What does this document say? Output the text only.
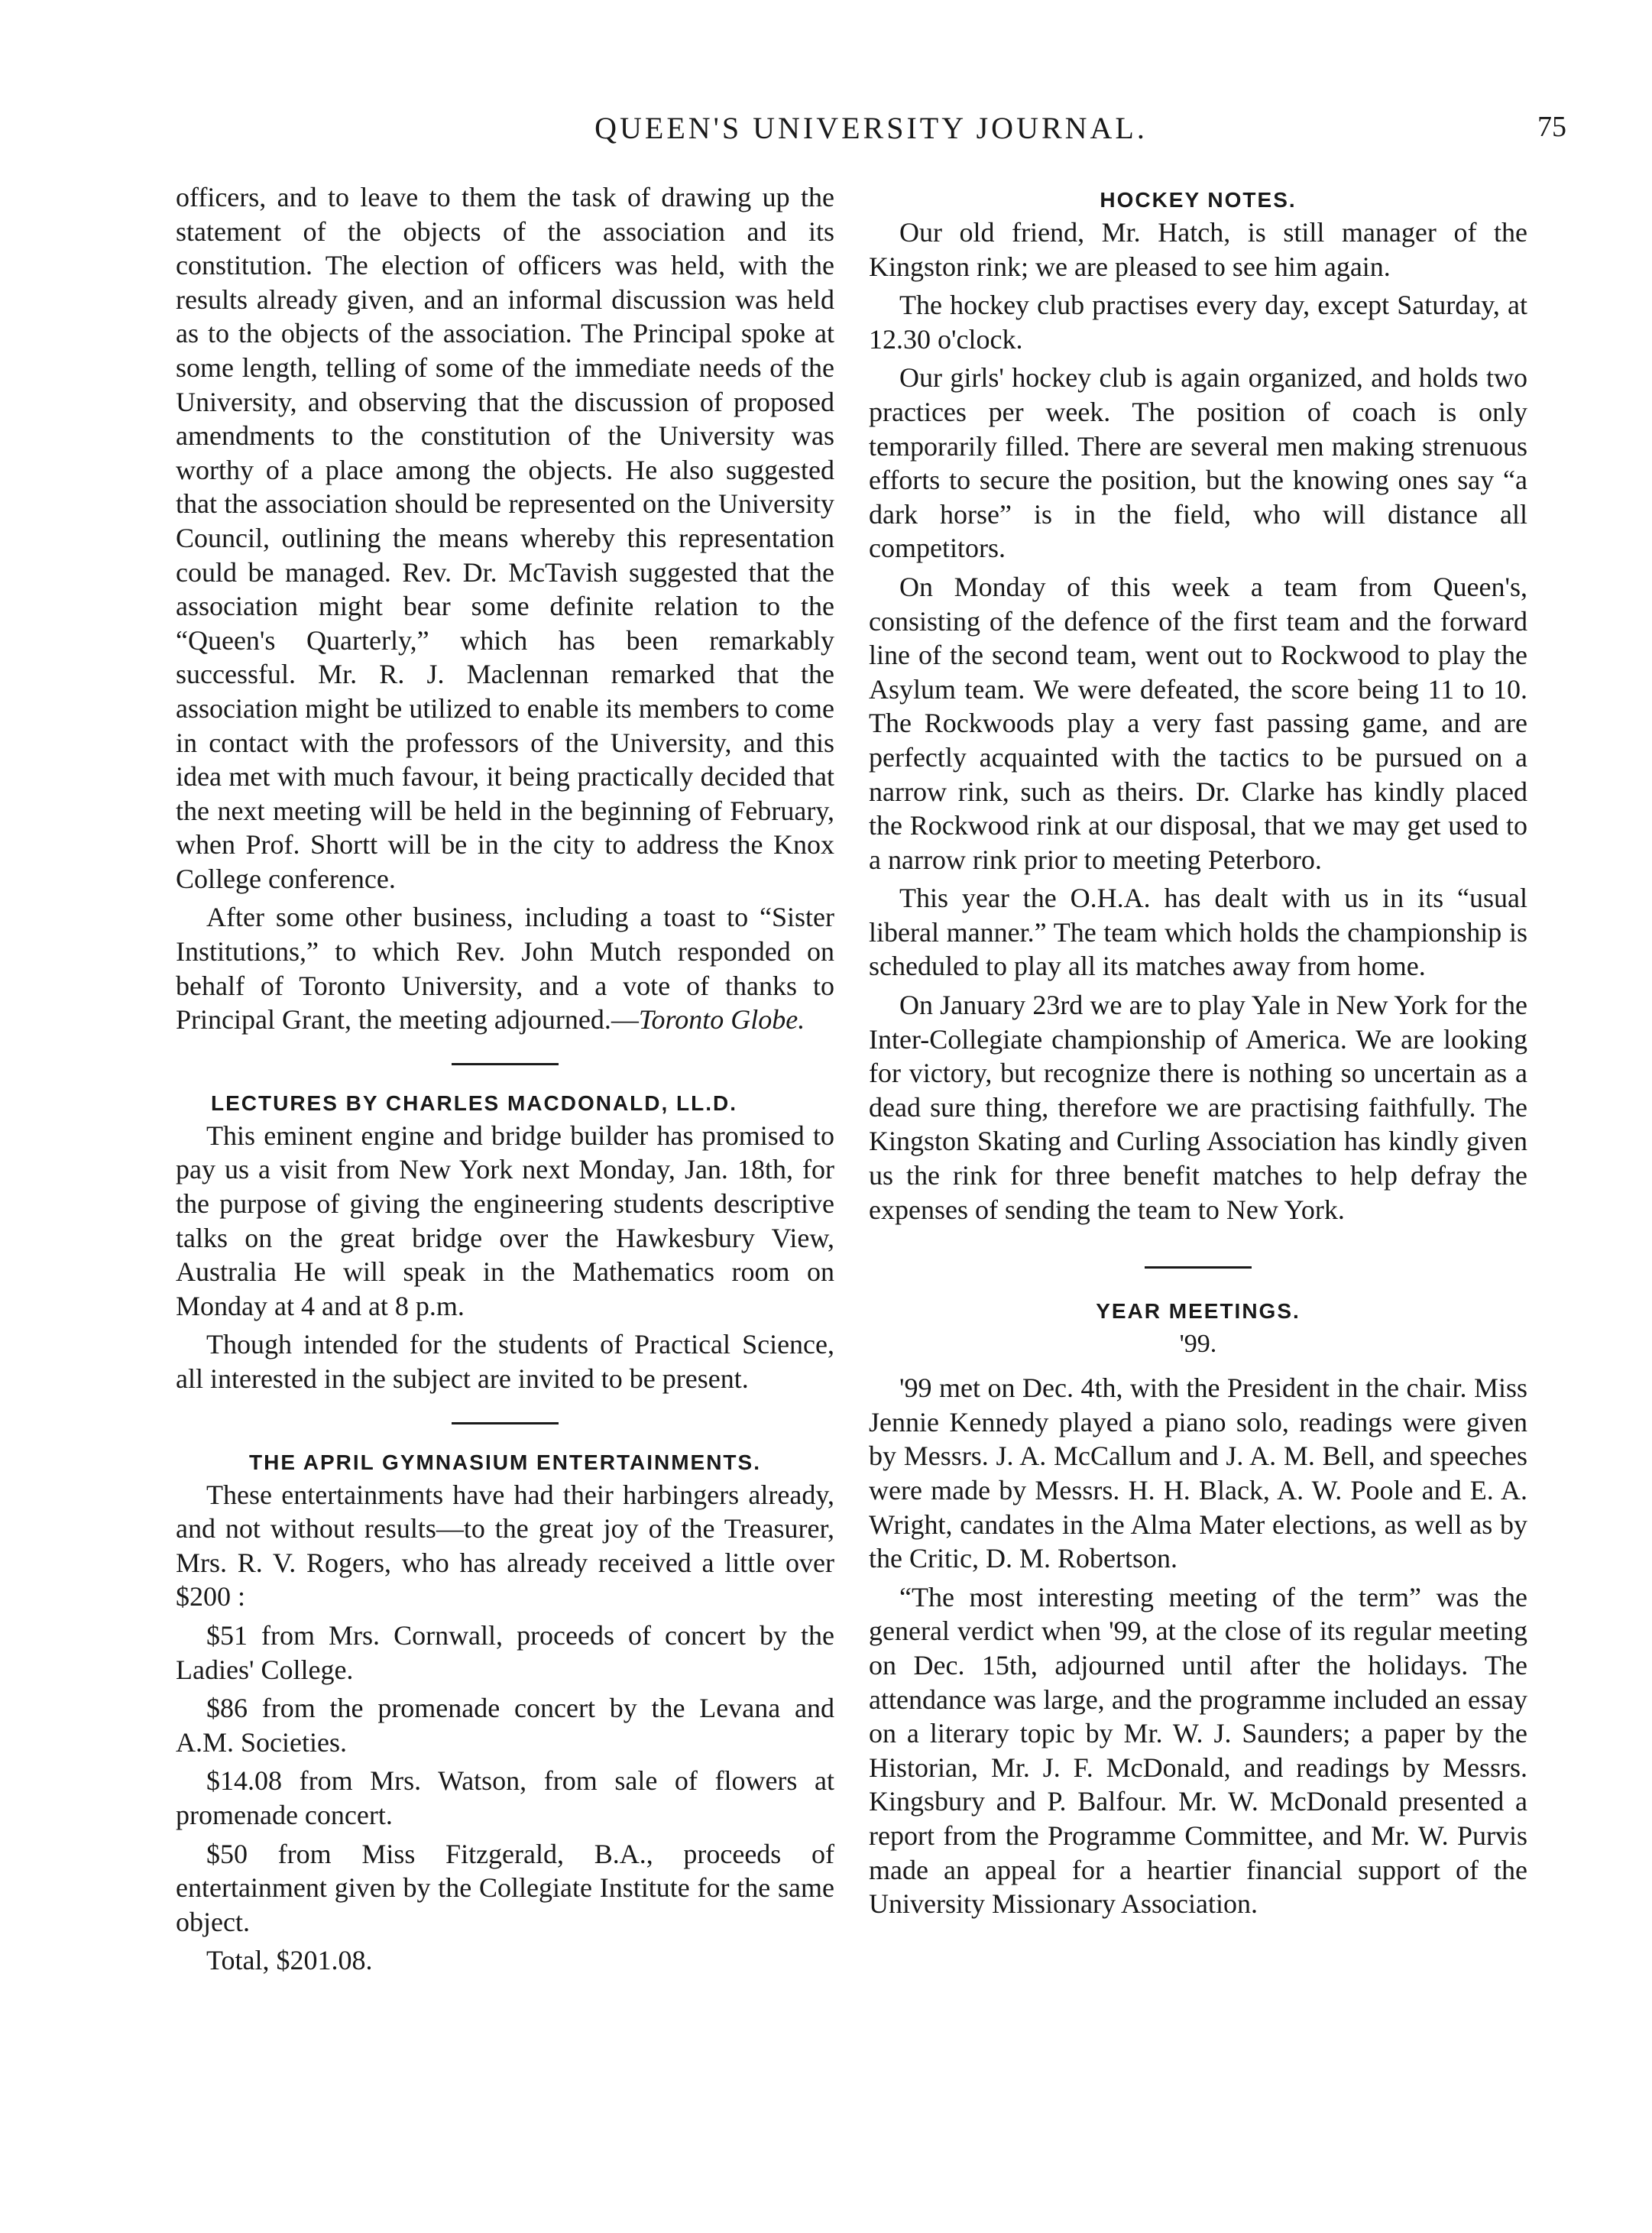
QUEEN'S UNIVERSITY JOURNAL.	75

officers, and to leave to them the task of drawing up the statement of the objects of the association and its constitution. The election of officers was held, with the results already given, and an informal discussion was held as to the objects of the association. The Principal spoke at some length, telling of some of the immediate needs of the University, and observing that the discussion of proposed amendments to the constitution of the University was worthy of a place among the objects. He also suggested that the association should be represented on the University Council, outlining the means whereby this representation could be managed. Rev. Dr. McTavish suggested that the association might bear some definite relation to the “Queen's Quarterly,” which has been remarkably successful. Mr. R. J. Maclennan remarked that the association might be utilized to enable its members to come in contact with the professors of the University, and this idea met with much favour, it being practically decided that the next meeting will be held in the beginning of February, when Prof. Shortt will be in the city to address the Knox College conference.

After some other business, including a toast to “Sister Institutions,” to which Rev. John Mutch responded on behalf of Toronto University, and a vote of thanks to Principal Grant, the meeting adjourned.—Toronto Globe.

LECTURES BY CHARLES MACDONALD, LL.D.

This eminent engine and bridge builder has promised to pay us a visit from New York next Monday, Jan. 18th, for the purpose of giving the engineering students descriptive talks on the great bridge over the Hawkesbury View, Australia He will speak in the Mathematics room on Monday at 4 and at 8 p.m.

Though intended for the students of Practical Science, all interested in the subject are invited to be present.

THE APRIL GYMNASIUM ENTERTAINMENTS.

These entertainments have had their harbingers already, and not without results—to the great joy of the Treasurer, Mrs. R. V. Rogers, who has already received a little over $200 :

$51 from Mrs. Cornwall, proceeds of concert by the Ladies' College.

$86 from the promenade concert by the Levana and A.M. Societies.

$14.08 from Mrs. Watson, from sale of flowers at promenade concert.

$50 from Miss Fitzgerald, B.A., proceeds of entertainment given by the Collegiate Institute for the same object.

Total, $201.08.

HOCKEY NOTES.

Our old friend, Mr. Hatch, is still manager of the Kingston rink; we are pleased to see him again.

The hockey club practises every day, except Saturday, at 12.30 o'clock.

Our girls' hockey club is again organized, and holds two practices per week. The position of coach is only temporarily filled. There are several men making strenuous efforts to secure the position, but the knowing ones say “a dark horse” is in the field, who will distance all competitors.

On Monday of this week a team from Queen's, consisting of the defence of the first team and the forward line of the second team, went out to Rockwood to play the Asylum team. We were defeated, the score being 11 to 10. The Rockwoods play a very fast passing game, and are perfectly acquainted with the tactics to be pursued on a narrow rink, such as theirs. Dr. Clarke has kindly placed the Rockwood rink at our disposal, that we may get used to a narrow rink prior to meeting Peterboro.

This year the O.H.A. has dealt with us in its “usual liberal manner.” The team which holds the championship is scheduled to play all its matches away from home.

On January 23rd we are to play Yale in New York for the Inter-Collegiate championship of America. We are looking for victory, but recognize there is nothing so uncertain as a dead sure thing, therefore we are practising faithfully. The Kingston Skating and Curling Association has kindly given us the rink for three benefit matches to help defray the expenses of sending the team to New York.

YEAR MEETINGS.
'99.

'99 met on Dec. 4th, with the President in the chair. Miss Jennie Kennedy played a piano solo, readings were given by Messrs. J. A. McCallum and J. A. M. Bell, and speeches were made by Messrs. H. H. Black, A. W. Poole and E. A. Wright, candates in the Alma Mater elections, as well as by the Critic, D. M. Robertson.

“The most interesting meeting of the term” was the general verdict when '99, at the close of its regular meeting on Dec. 15th, adjourned until after the holidays. The attendance was large, and the programme included an essay on a literary topic by Mr. W. J. Saunders; a paper by the Historian, Mr. J. F. McDonald, and readings by Messrs. Kingsbury and P. Balfour. Mr. W. McDonald presented a report from the Programme Committee, and Mr. W. Purvis made an appeal for a heartier financial support of the University Missionary Association.
